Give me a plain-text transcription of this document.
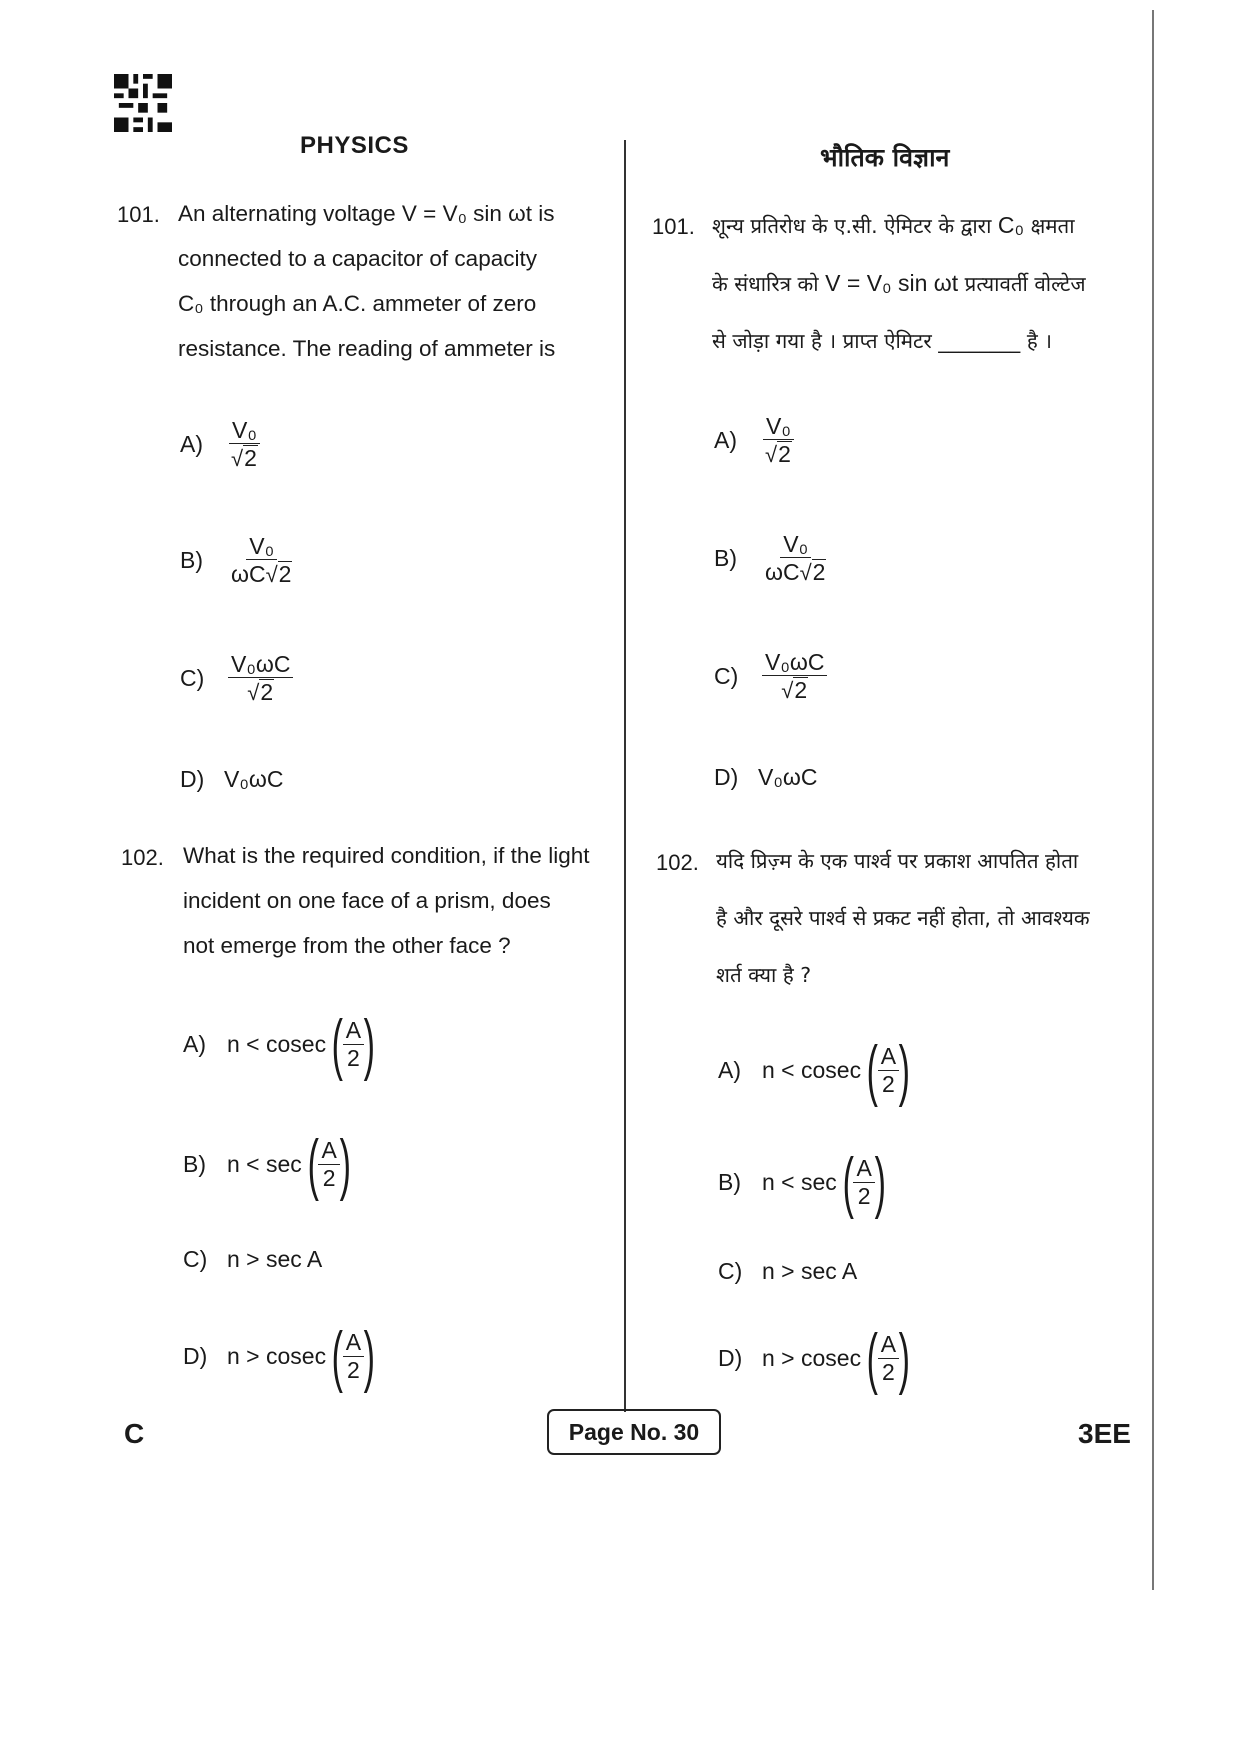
PHYSICS	भौतिक विज्ञान
101. An alternating voltage V = V₀ sin ωt is
connected to a capacitor of capacity
C₀ through an A.C. ammeter of zero
resistance. The reading of ammeter is
A)	$\frac{\text{V₀}}{√ 2}$
B)	$\frac{\text{V₀}}{\omega C √ 2}$
C)	$\frac{\text{V₀ωC}}{√ 2}$
D) V₀ωC
102. What is the required condition, if the light
incident on one face of a prism, does
not emerge from the other face ?
A) n < cosec ( $\frac{A}{2}$ )
B) n < sec ( $\frac{A}{2}$ )
C) n > sec A
D) n > cosec ( $\frac{A}{2}$ )
101. शून्य प्रतिरोध के ए.सी. ऐमिटर के द्वारा C₀ क्षमता
के संधारित्र को V = V₀ sin ωt प्रत्यावर्ती वोल्टेज
से जोड़ा गया है । प्राप्त ऐमिटर ________ है ।
A)	$\frac{\text{V₀}}{√ 2}$
B)	$\frac{\text{V₀}}{\omega C √ 2}$
C)	$\frac{\text{V₀ωC}}{√ 2}$
D) V₀ωC
102. यदि प्रिज़्म के एक पार्श्व पर प्रकाश आपतित होता
है और दूसरे पार्श्व से प्रकट नहीं होता, तो आवश्यक
शर्त क्या है ?
A) n < cosec ( $\frac{A}{2}$ )
B) n < sec ( $\frac{A}{2}$ )
C) n > sec A
D) n > cosec ( $\frac{A}{2}$ )
C	Page No. 30	3EE
